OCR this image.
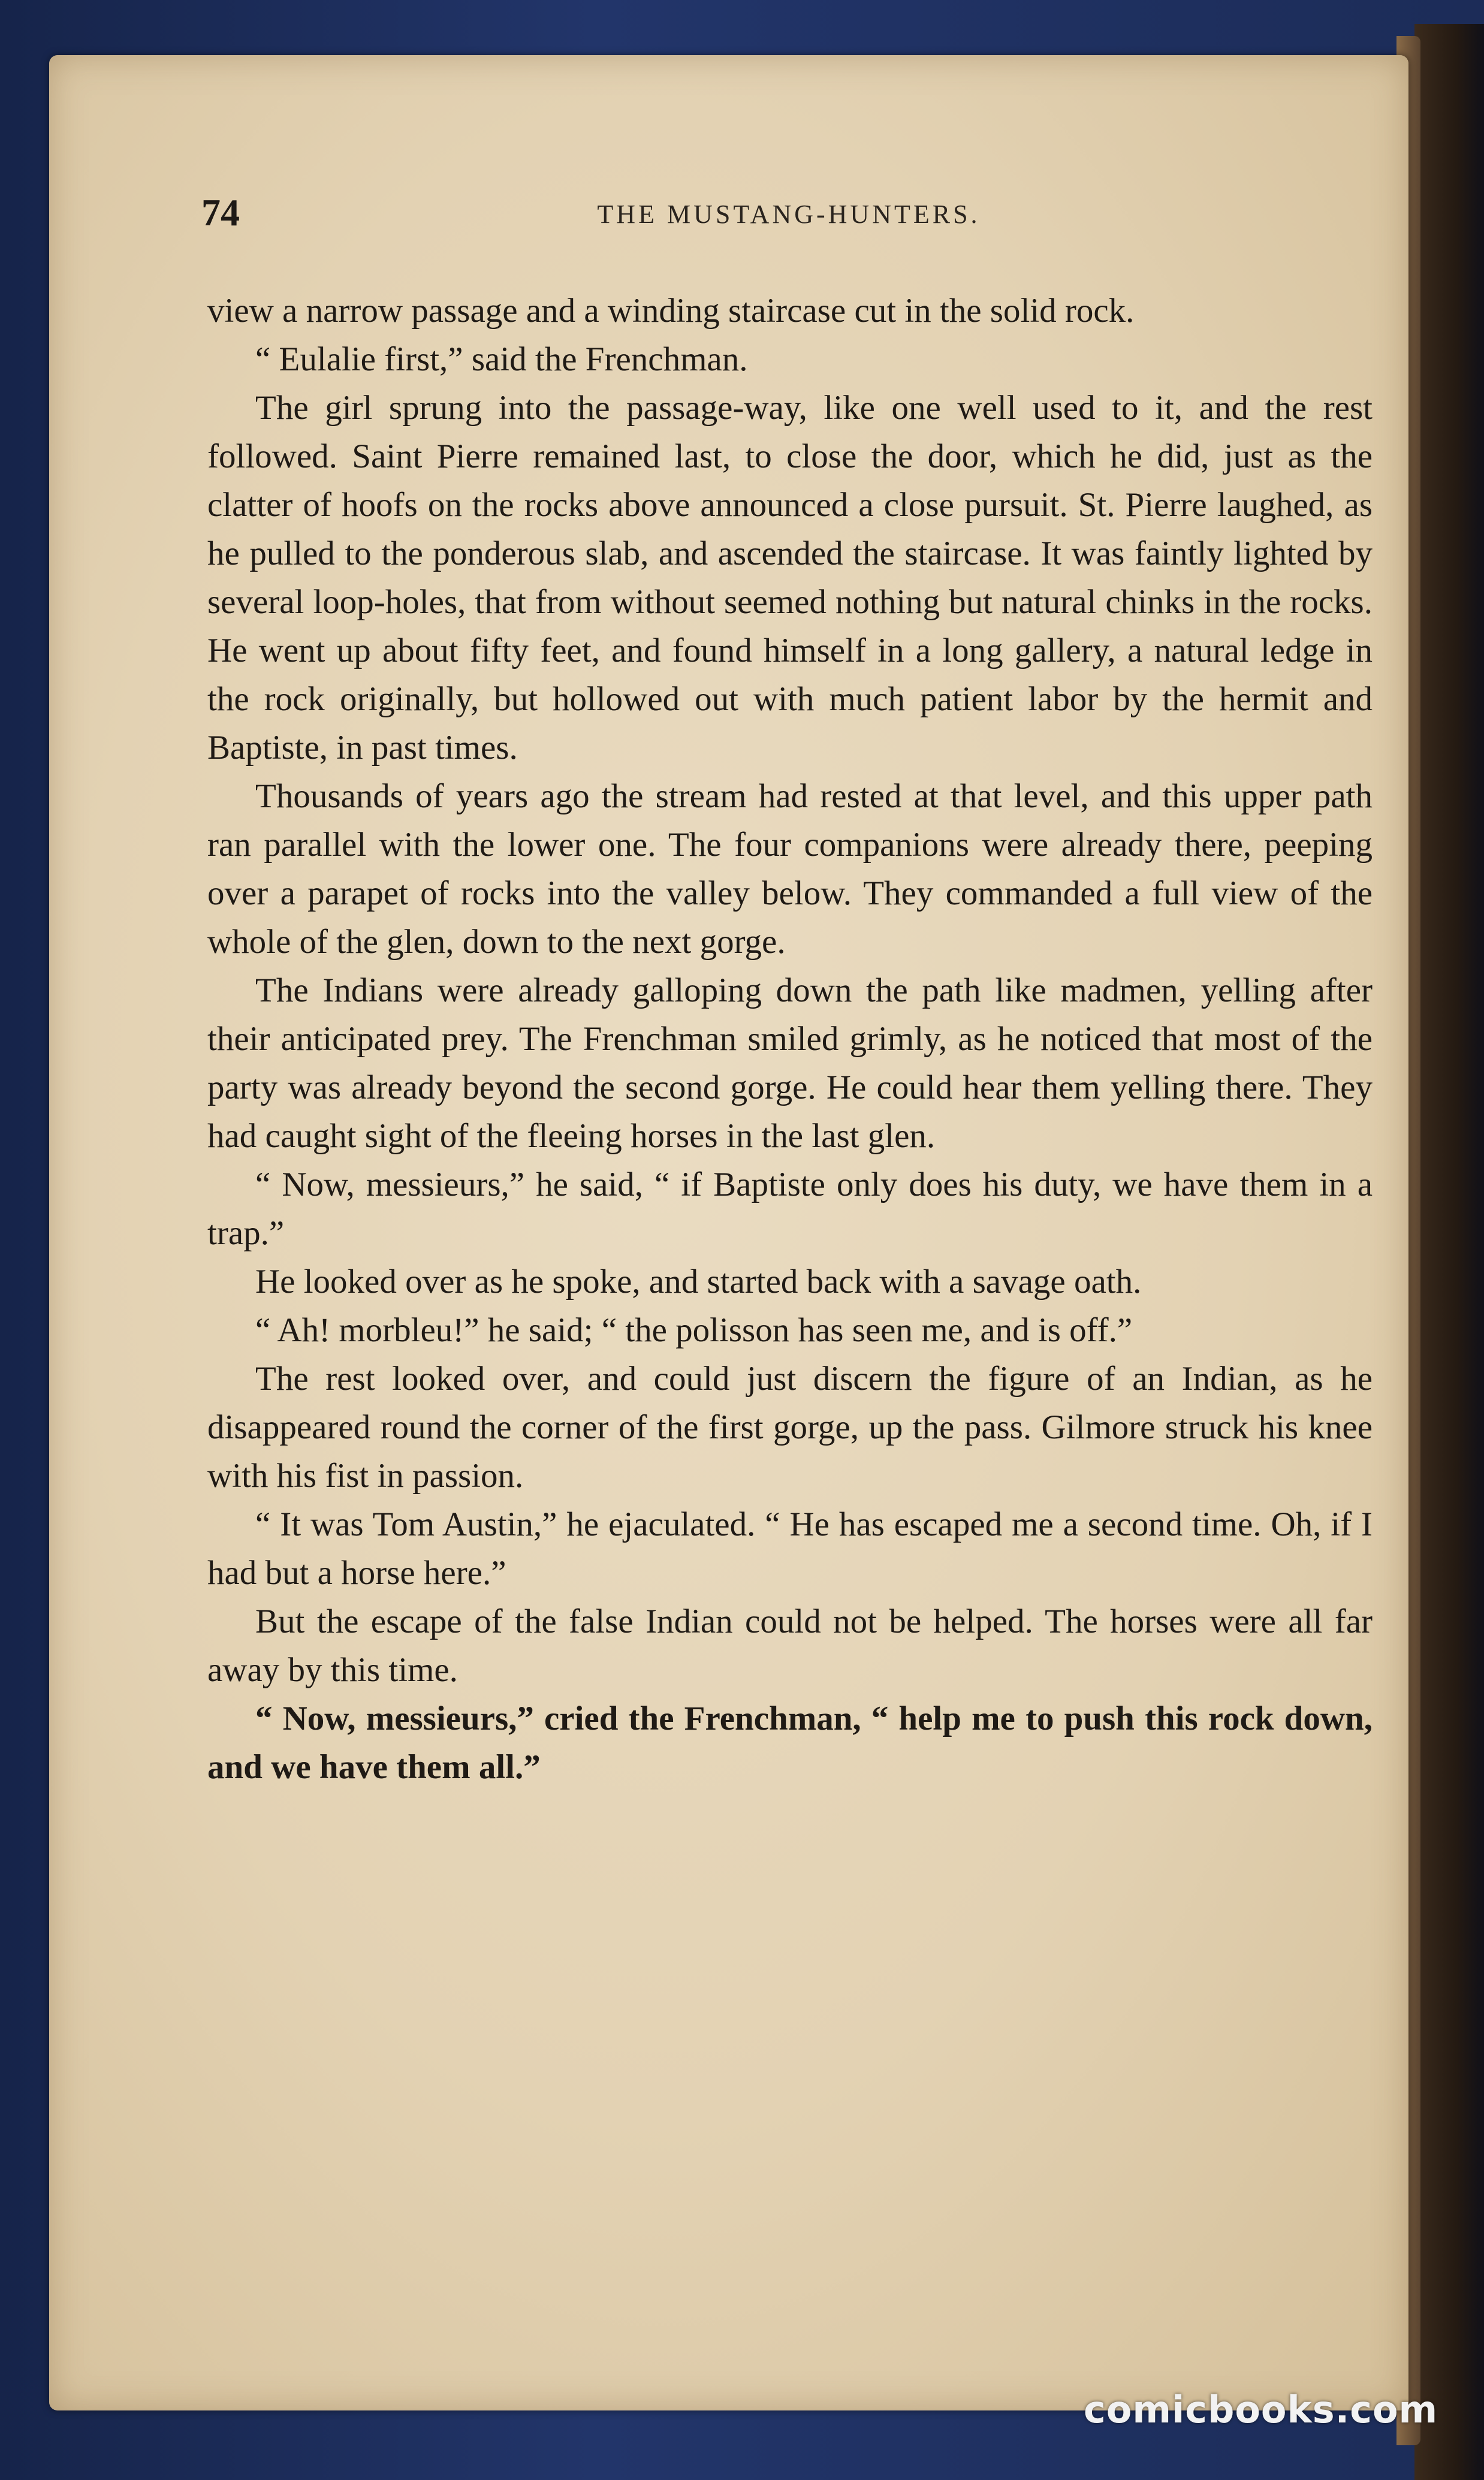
74	THE MUSTANG-HUNTERS.

view a narrow passage and a winding staircase cut in the solid rock.

“ Eulalie first,” said the Frenchman.

The girl sprung into the passage-way, like one well used to it, and the rest followed. Saint Pierre remained last, to close the door, which he did, just as the clatter of hoofs on the rocks above announced a close pursuit. St. Pierre laughed, as he pulled to the ponderous slab, and ascended the staircase. It was faintly lighted by several loop-holes, that from without seemed nothing but natural chinks in the rocks. He went up about fifty feet, and found himself in a long gallery, a natural ledge in the rock originally, but hollowed out with much patient labor by the hermit and Baptiste, in past times.

Thousands of years ago the stream had rested at that level, and this upper path ran parallel with the lower one. The four companions were already there, peeping over a parapet of rocks into the valley below. They commanded a full view of the whole of the glen, down to the next gorge.

The Indians were already galloping down the path like madmen, yelling after their anticipated prey. The Frenchman smiled grimly, as he noticed that most of the party was already beyond the second gorge. He could hear them yelling there. They had caught sight of the fleeing horses in the last glen.

“ Now, messieurs,” he said, “ if Baptiste only does his duty, we have them in a trap.”

He looked over as he spoke, and started back with a savage oath.

“ Ah! morbleu!” he said; “ the polisson has seen me, and is off.”

The rest looked over, and could just discern the figure of an Indian, as he disappeared round the corner of the first gorge, up the pass. Gilmore struck his knee with his fist in passion.

“ It was Tom Austin,” he ejaculated. “ He has escaped me a second time. Oh, if I had but a horse here.”

But the escape of the false Indian could not be helped. The horses were all far away by this time.

“ Now, messieurs,” cried the Frenchman, “ help me to push this rock down, and we have them all.”

comicbooks.com
